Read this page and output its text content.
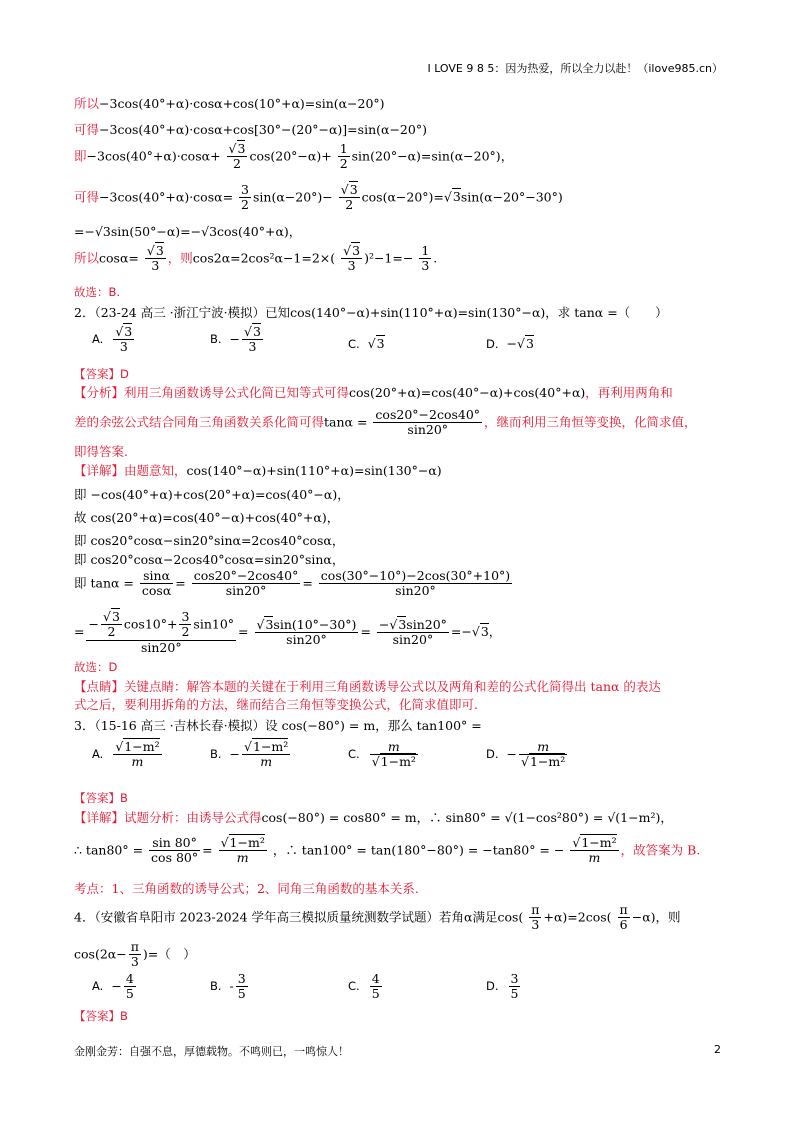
I LOVE 9 8 5：因为热爱，所以全力以赴！（ilove985.cn）
所以−3cos(40°+α)·cosα+cos(10°+α)=sin(α−20°)
可得−3cos(40°+α)·cosα+cos[30°−(20°−α)]=sin(α−20°)
即$-3\cos(40^\circ+\alpha)\cdot\cos\alpha+ \frac{√3}{2} \cos(20^\circ-\alpha)+ \frac{1}{2} \sin(20^\circ-\alpha)=\sin(\alpha-20^\circ)$，
可得$-3\cos(40^\circ+\alpha)\cdot\cos\alpha= \frac{3}{2} \sin(\alpha-20^\circ)- \frac{√3}{2} \cos(\alpha-20^\circ)=√3\sin(\alpha-20^\circ-30^\circ)$
=−√3sin(50°−α)=−√3cos(40°+α)，
所以$\cos\alpha= \frac{√3}{3}$ ，则$\cos 2\alpha=2\cos^2\alpha-1=2\times( \frac{√3}{3} )^2-1=- \frac{1}{3}$ .
故选：B.
2．（23-24 高三 ·浙江宁波·模拟）已知cos(140°−α)+sin(110°+α)=sin(130°−α)，求 tanα =（　　）
A. $\frac{√3}{3}$	B. − $\frac{√3}{3}$	C. √3	D. −√3
【答案】D
【分析】利用三角函数诱导公式化简已知等式可得cos(20°+α)=cos(40°−α)+cos(40°+α)，再利用两角和
差的余弦公式结合同角三角函数关系化简可得$\tan\alpha = \frac{\cos 20^\circ-2\cos 40^\circ}{\sin 20^\circ}$ ，继而利用三角恒等变换，化简求值，
即得答案.
【详解】由题意知，cos(140°−α)+sin(110°+α)=sin(130°−α)
即 −cos(40°+α)+cos(20°+α)=cos(40°−α)，
故 cos(20°+α)=cos(40°−α)+cos(40°+α)，
即 cos20°cosα−sin20°sinα=2cos40°cosα，
即 cos20°cosα−2cos40°cosα=sin20°sinα，
即 $\tan\alpha = \frac{\sin\alpha}{\cos\alpha} = \frac{\cos 20^\circ-2\cos 40^\circ}{\sin 20^\circ} = \frac{\cos(30^\circ-10^\circ)-2\cos(30^\circ+10^\circ)}{\sin 20^\circ}$
= $\frac{- \frac{√3}{2} \cos 10^\circ+ \frac{3}{2} \sin 10^\circ}{\sin 20^\circ} = \frac{√3\sin(10^\circ-30^\circ)}{\sin 20^\circ} = \frac{-√3\sin 20^\circ}{\sin 20^\circ} =-√3$，
故选：D
【点睛】关键点睛：解答本题的关键在于利用三角函数诱导公式以及两角和差的公式化简得出 tanα 的表达
式之后，要利用拆角的方法，继而结合三角恒等变换公式，化简求值即可.
3．（15-16 高三 ·吉林长春·模拟）设 cos(−80°) = m，那么 tan100° =
A. $\frac{\text{√1−m²}}{m}$	B. − $\frac{\text{√1−m²}}{m}$	C. $\frac{m}{\text{√1−m²}}$	D. − $\frac{m}{\text{√1−m²}}$
【答案】B
【详解】试题分析：由诱导公式得cos(−80°) = cos80° = m，∴ sin80° = √(1−cos²80°) = √(1−m²)，
∴ $\tan 80^\circ = \frac{\sin 80^\circ}{\cos 80^\circ} = \frac{\text{√1−m²}}{m}$ ，∴ tan100° = tan(180°−80°) = −tan80° = − $\frac{\text{√1−m²}}{m}$ ，故答案为 B.
考点：1、三角函数的诱导公式；2、同角三角函数的基本关系.
4．（安徽省阜阳市 2023-2024 学年高三模拟质量统测数学试题）若角α满足$\cos( \frac{\pi}{3} +\alpha)=2\cos( \frac{\pi}{6} -\alpha)$，则
$\cos(2\alpha- \frac{\pi}{3}$ )=（　）
A. − $\frac{4}{5}$	B. - $\frac{3}{5}$	C. $\frac{4}{5}$	D. $\frac{3}{5}$
【答案】B
金刚金芳：自强不息，厚德载物。不鸣则已，一鸣惊人！	2
